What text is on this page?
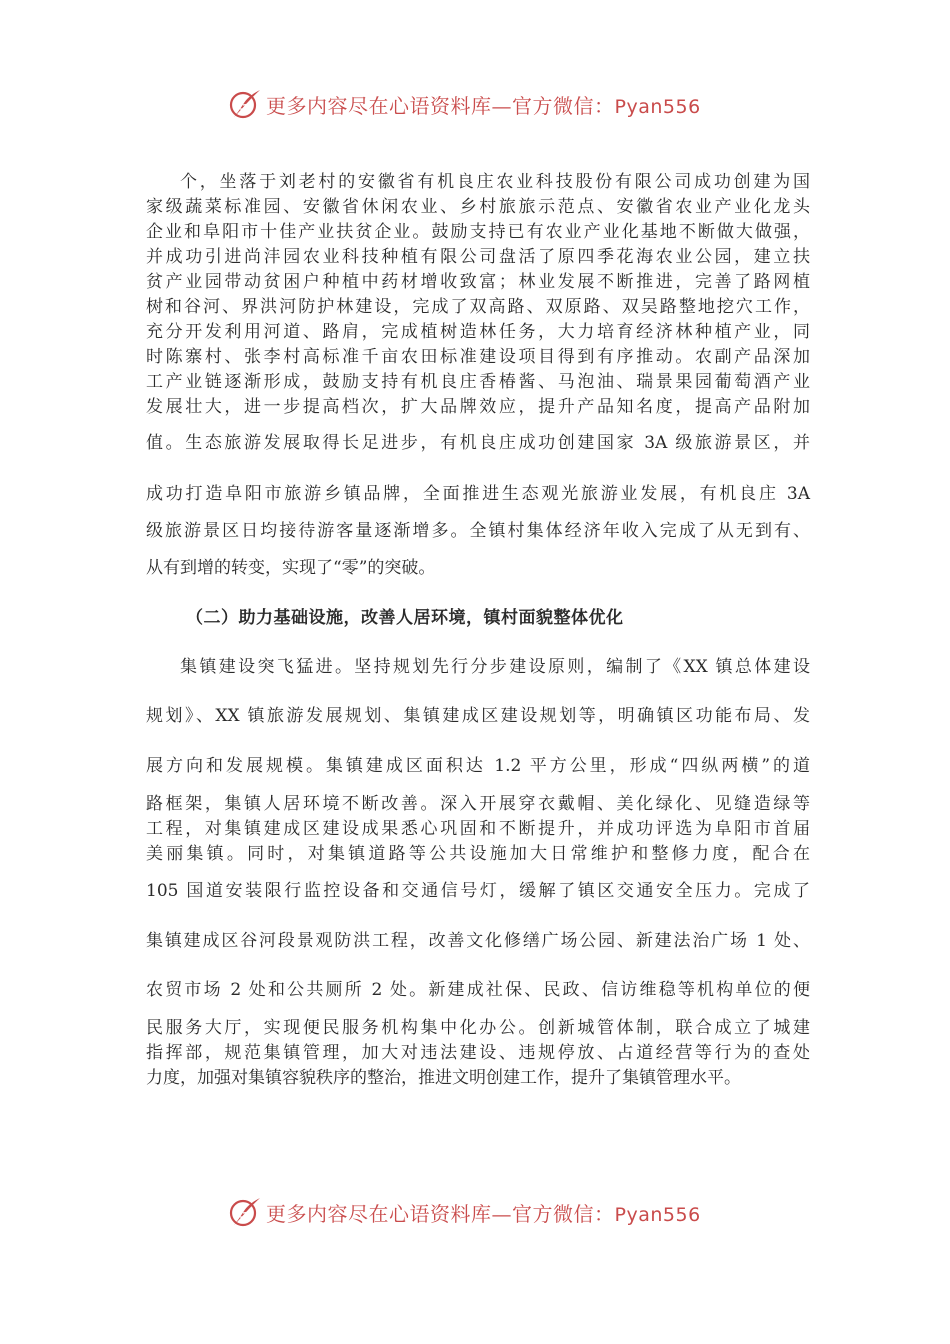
更多内容尽在心语资料库—官方微信：Pyan556
个，坐落于刘老村的安徽省有机良庄农业科技股份有限公司成功创建为国
家级蔬菜标准园、安徽省休闲农业、乡村旅旅示范点、安徽省农业产业化龙头
企业和阜阳市十佳产业扶贫企业。鼓励支持已有农业产业化基地不断做大做强，
并成功引进尚沣园农业科技种植有限公司盘活了原四季花海农业公园，建立扶
贫产业园带动贫困户种植中药材增收致富；林业发展不断推进，完善了路网植
树和谷河、界洪河防护林建设，完成了双高路、双原路、双吴路整地挖穴工作，
充分开发利用河道、路肩，完成植树造林任务，大力培育经济林种植产业，同
时陈寨村、张李村高标准千亩农田标准建设项目得到有序推动。农副产品深加
工产业链逐渐形成，鼓励支持有机良庄香椿酱、马泡油、瑞景果园葡萄酒产业
发展壮大，进一步提高档次，扩大品牌效应，提升产品知名度，提高产品附加
值。生态旅游发展取得长足进步，有机良庄成功创建国家 3A 级旅游景区，并
成功打造阜阳市旅游乡镇品牌，全面推进生态观光旅游业发展，有机良庄 3A
级旅游景区日均接待游客量逐渐增多。全镇村集体经济年收入完成了从无到有、
从有到增的转变，实现了“零”的突破。
（二）助力基础设施，改善人居环境，镇村面貌整体优化
集镇建设突飞猛进。坚持规划先行分步建设原则，编制了《XX 镇总体建设
规划》、XX 镇旅游发展规划、集镇建成区建设规划等，明确镇区功能布局、发
展方向和发展规模。集镇建成区面积达 1.2 平方公里，形成“四纵两横”的道
路框架，集镇人居环境不断改善。深入开展穿衣戴帽、美化绿化、见缝造绿等
工程，对集镇建成区建设成果悉心巩固和不断提升，并成功评选为阜阳市首届
美丽集镇。同时，对集镇道路等公共设施加大日常维护和整修力度，配合在
105 国道安装限行监控设备和交通信号灯，缓解了镇区交通安全压力。完成了
集镇建成区谷河段景观防洪工程，改善文化修缮广场公园、新建法治广场 1 处、
农贸市场 2 处和公共厕所 2 处。新建成社保、民政、信访维稳等机构单位的便
民服务大厅，实现便民服务机构集中化办公。创新城管体制，联合成立了城建
指挥部，规范集镇管理，加大对违法建设、违规停放、占道经营等行为的查处
力度，加强对集镇容貌秩序的整治，推进文明创建工作，提升了集镇管理水平。
更多内容尽在心语资料库—官方微信：Pyan556
